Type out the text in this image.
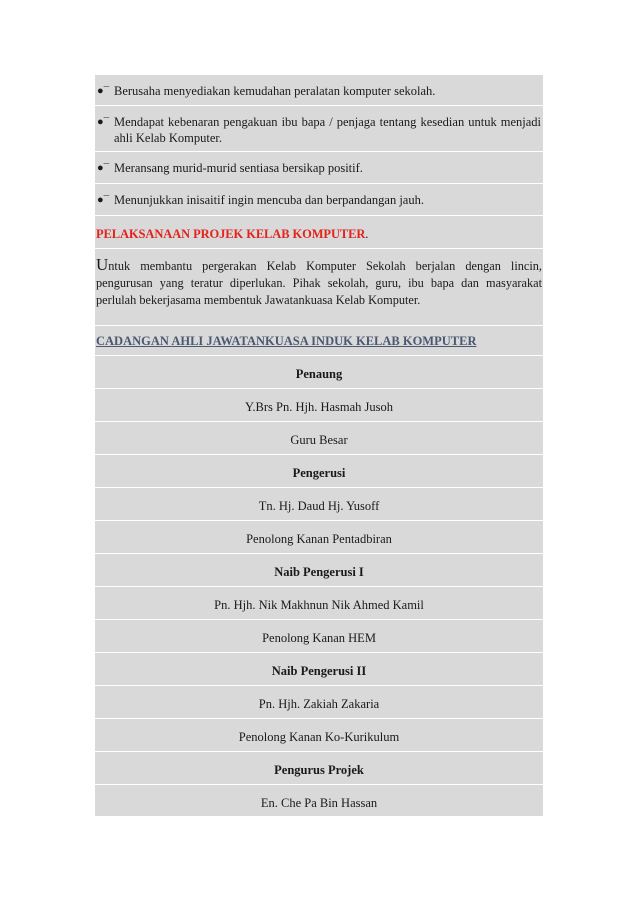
●¯ Berusaha menyediakan kemudahan peralatan komputer sekolah.
●¯ Mendapat kebenaran pengakuan ibu bapa / penjaga tentang kesedian untuk menjadi ahli Kelab Komputer.
●¯ Meransang murid-murid sentiasa bersikap positif.
●¯ Menunjukkan inisaitif ingin mencuba dan berpandangan jauh.
PELAKSANAAN PROJEK KELAB KOMPUTER.
Untuk membantu pergerakan Kelab Komputer Sekolah berjalan dengan lincin, pengurusan yang teratur diperlukan. Pihak sekolah, guru, ibu bapa dan masyarakat perlulah bekerjasama membentuk Jawatankuasa Kelab Komputer.
CADANGAN AHLI JAWATANKUASA INDUK KELAB KOMPUTER
Penaung
Y.Brs Pn. Hjh. Hasmah Jusoh
Guru Besar
Pengerusi
Tn. Hj. Daud Hj. Yusoff
Penolong Kanan Pentadbiran
Naib Pengerusi I
Pn. Hjh. Nik Makhnun Nik Ahmed Kamil
Penolong Kanan HEM
Naib Pengerusi II
Pn. Hjh. Zakiah Zakaria
Penolong Kanan Ko-Kurikulum
Pengurus Projek
En. Che Pa Bin Hassan
